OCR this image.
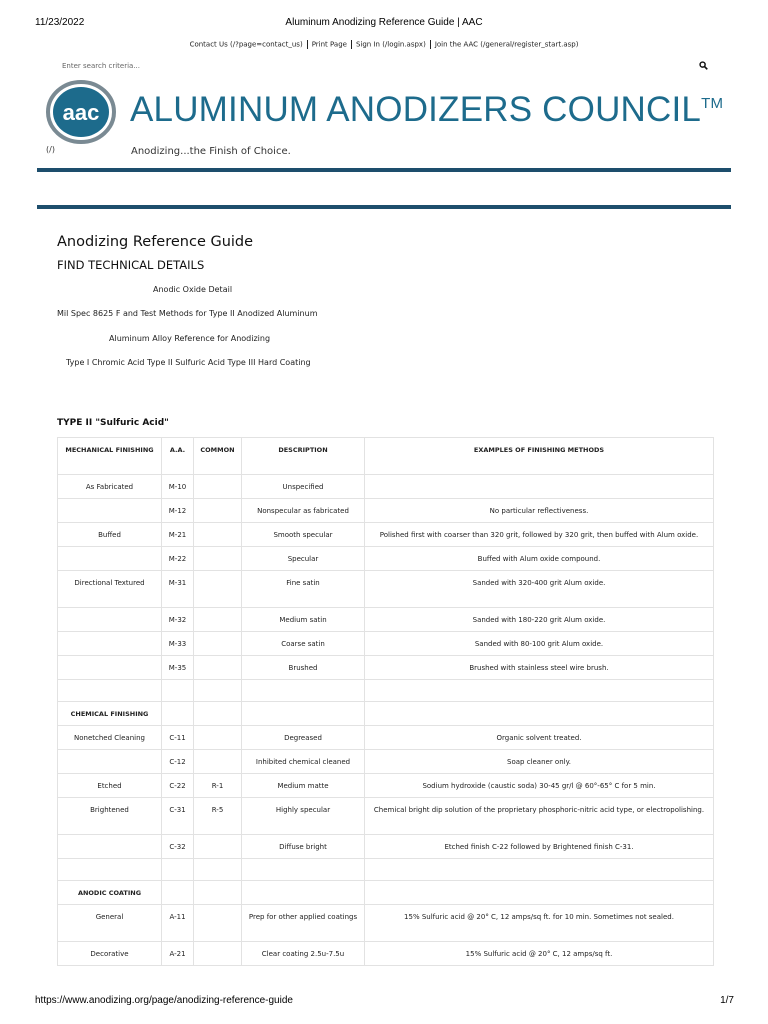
11/23/2022	Aluminum Anodizing Reference Guide | AAC
Contact Us (/?page=contact_us) Print Page Sign In (/login.aspx) Join the AAC (/general/register_start.asp)
Enter search criteria...
aac
(/)
ALUMINUM ANODIZERS COUNCIL™
Anodizing...the Finish of Choice.
Anodizing Reference Guide
FIND TECHNICAL DETAILS
Anodic Oxide Detail
Mil Spec 8625 F and Test Methods for Type II Anodized Aluminum
Aluminum Alloy Reference for Anodizing
Type I Chromic Acid Type II Sulfuric Acid Type III Hard Coating
TYPE II "Sulfuric Acid"
MECHANICAL FINISHING	A.A.	COMMON	DESCRIPTION	EXAMPLES OF FINISHING METHODS
As Fabricated	M-10		Unspecified	
	M-12		Nonspecular as fabricated	No particular reflectiveness.
Buffed	M-21		Smooth specular	Polished first with coarser than 320 grit, followed by 320 grit, then buffed with Alum oxide.
	M-22		Specular	Buffed with Alum oxide compound.
Directional Textured	M-31		Fine satin	Sanded with 320-400 grit Alum oxide.
	M-32		Medium satin	Sanded with 180-220 grit Alum oxide.
	M-33		Coarse satin	Sanded with 80-100 grit Alum oxide.
	M-35		Brushed	Brushed with stainless steel wire brush.

CHEMICAL FINISHING				
Nonetched Cleaning	C-11		Degreased	Organic solvent treated.
	C-12		Inhibited chemical cleaned	Soap cleaner only.
Etched	C-22	R-1	Medium matte	Sodium hydroxide (caustic soda) 30-45 gr/l @ 60°-65° C for 5 min.
Brightened	C-31	R-5	Highly specular	Chemical bright dip solution of the proprietary phosphoric-nitric acid type, or electropolishing.
	C-32		Diffuse bright	Etched finish C-22 followed by Brightened finish C-31.

ANODIC COATING				
General	A-11		Prep for other applied coatings	15% Sulfuric acid @ 20° C, 12 amps/sq ft. for 10 min. Sometimes not sealed.
Decorative	A-21		Clear coating 2.5u-7.5u	15% Sulfuric acid @ 20° C, 12 amps/sq ft.
https://www.anodizing.org/page/anodizing-reference-guide	1/7
